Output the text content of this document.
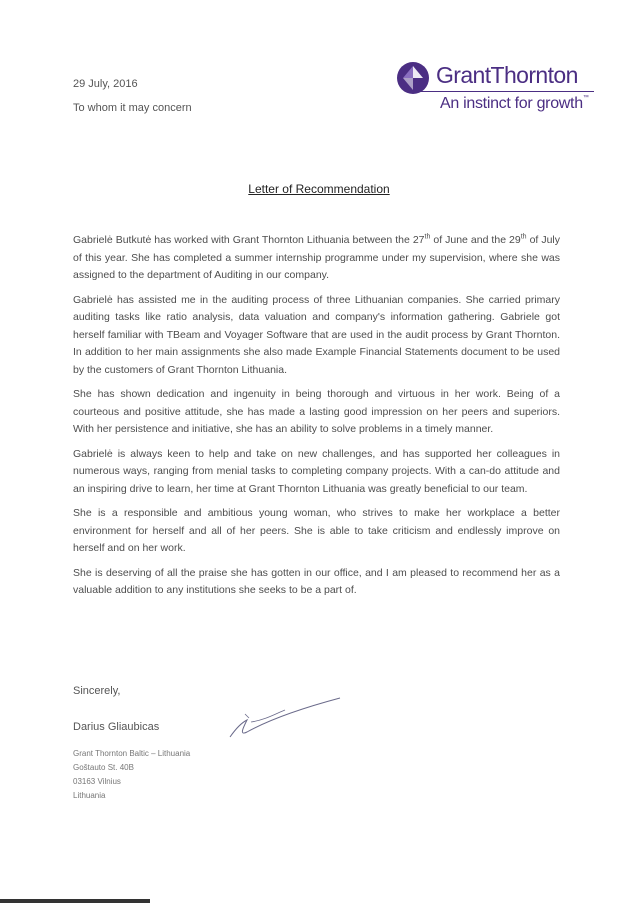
29 July, 2016
To whom it may concern
GrantThornton
An instinct for growth™
Letter of Recommendation

Gabrielė Butkutė has worked with Grant Thornton Lithuania between the 27th of June and the 29th of July of this year. She has completed a summer internship programme under my supervision, where she was assigned to the department of Auditing in our company.

Gabrielė has assisted me in the auditing process of three Lithuanian companies. She carried primary auditing tasks like ratio analysis, data valuation and company's information gathering. Gabriele got herself familiar with TBeam and Voyager Software that are used in the audit process by Grant Thornton. In addition to her main assignments she also made Example Financial Statements document to be used by the customers of Grant Thornton Lithuania.

She has shown dedication and ingenuity in being thorough and virtuous in her work. Being of a courteous and positive attitude, she has made a lasting good impression on her peers and superiors. With her persistence and initiative, she has an ability to solve problems in a timely manner.

Gabrielė is always keen to help and take on new challenges, and has supported her colleagues in numerous ways, ranging from menial tasks to completing company projects. With a can-do attitude and an inspiring drive to learn, her time at Grant Thornton Lithuania was greatly beneficial to our team.

She is a responsible and ambitious young woman, who strives to make her workplace a better environment for herself and all of her peers. She is able to take criticism and endlessly improve on herself and on her work.

She is deserving of all the praise she has gotten in our office, and I am pleased to recommend her as a valuable addition to any institutions she seeks to be a part of.

Sincerely,
Darius Gliaubicas
Grant Thornton Baltic – Lithuania
Goštauto St. 40B
03163 Vilnius
Lithuania
